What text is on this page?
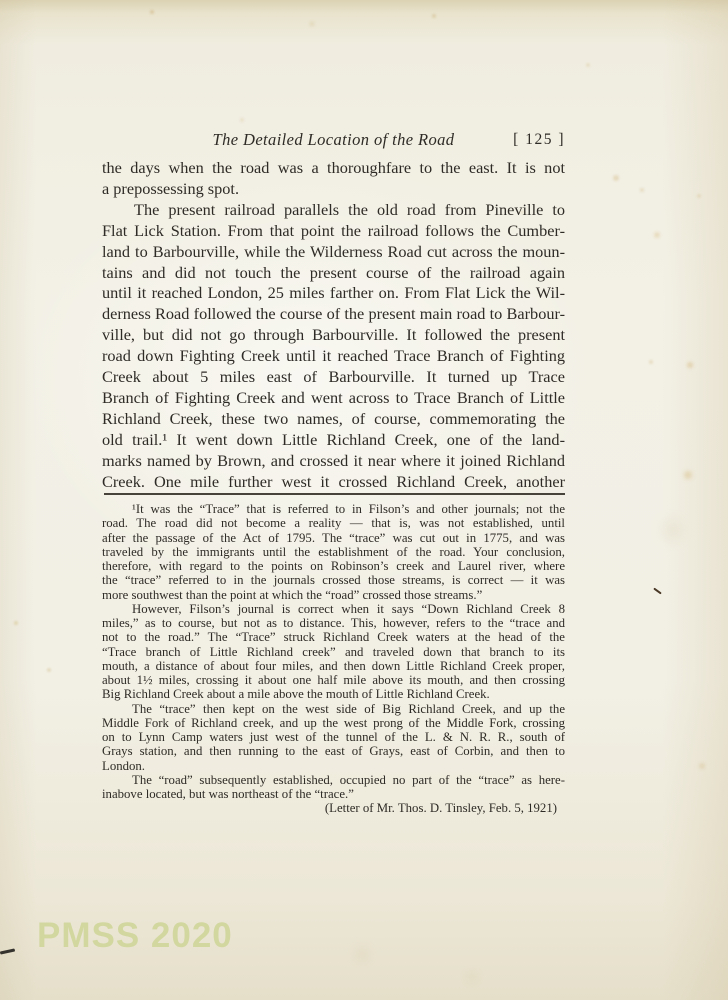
The Detailed Location of the Road	[ 125 ]
the days when the road was a thoroughfare to the east. It is not
a prepossessing spot.
The present railroad parallels the old road from Pineville to
Flat Lick Station. From that point the railroad follows the Cumber-
land to Barbourville, while the Wilderness Road cut across the moun-
tains and did not touch the present course of the railroad again
until it reached London, 25 miles farther on. From Flat Lick the Wil-
derness Road followed the course of the present main road to Barbour-
ville, but did not go through Barbourville. It followed the present
road down Fighting Creek until it reached Trace Branch of Fighting
Creek about 5 miles east of Barbourville. It turned up Trace
Branch of Fighting Creek and went across to Trace Branch of Little
Richland Creek, these two names, of course, commemorating the
old trail.¹ It went down Little Richland Creek, one of the land-
marks named by Brown, and crossed it near where it joined Richland
Creek. One mile further west it crossed Richland Creek, another
¹It was the “Trace” that is referred to in Filson’s and other journals; not the
road. The road did not become a reality — that is, was not established, until
after the passage of the Act of 1795. The “trace” was cut out in 1775, and was
traveled by the immigrants until the establishment of the road. Your conclusion,
therefore, with regard to the points on Robinson’s creek and Laurel river, where
the “trace” referred to in the journals crossed those streams, is correct — it was
more southwest than the point at which the “road” crossed those streams.”
However, Filson’s journal is correct when it says “Down Richland Creek 8
miles,” as to course, but not as to distance. This, however, refers to the “trace and
not to the road.” The “Trace” struck Richland Creek waters at the head of the
“Trace branch of Little Richland creek” and traveled down that branch to its
mouth, a distance of about four miles, and then down Little Richland Creek proper,
about 1½ miles, crossing it about one half mile above its mouth, and then crossing
Big Richland Creek about a mile above the mouth of Little Richland Creek.
The “trace” then kept on the west side of Big Richland Creek, and up the
Middle Fork of Richland creek, and up the west prong of the Middle Fork, crossing
on to Lynn Camp waters just west of the tunnel of the L. & N. R. R., south of
Grays station, and then running to the east of Grays, east of Corbin, and then to
London.
The “road” subsequently established, occupied no part of the “trace” as here-
inabove located, but was northeast of the “trace.”
(Letter of Mr. Thos. D. Tinsley, Feb. 5, 1921)
PMSS 2020
